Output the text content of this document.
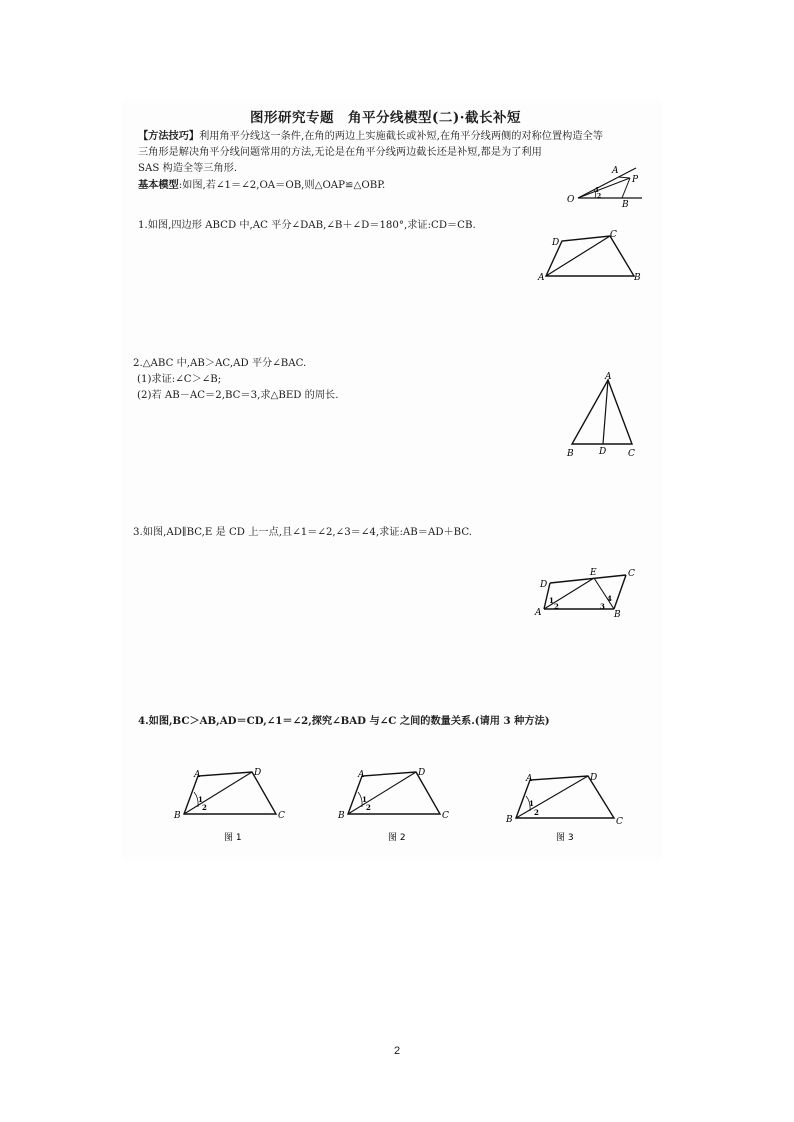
图形研究专题　角平分线模型(二)·截长补短
【方法技巧】利用角平分线这一条件,在角的两边上实施截长或补短,在角平分线两侧的对称位置构造全等
三角形是解决角平分线问题常用的方法,无论是在角平分线两边截长还是补短,都是为了利用
SAS 构造全等三角形.
基本模型:如图,若∠1＝∠2,OA＝OB,则△OAP≌△OBP.
O
A
P
B
1
2
1.如图,四边形 ABCD 中,AC 平分∠DAB,∠B＋∠D＝180°,求证:CD＝CB.
D
C
A	B
2.△ABC 中,AB＞AC,AD 平分∠BAC.
(1)求证:∠C＞∠B;
(2)若 AB－AC＝2,BC＝3,求△BED 的周长.
A
B	D C
3.如图,AD∥BC,E 是 CD 上一点,且∠1＝∠2,∠3＝∠4,求证:AB＝AD＋BC.
D
E	C
A	B
1
2	3
4
4.如图,BC＞AB,AD＝CD,∠1＝∠2,探究∠BAD 与∠C 之间的数量关系.(请用 3 种方法)
A	D
B	C
1
2
图 1
A	D
B	C
1
2
图 2
A	D
B	C
1
2
图 3
2
